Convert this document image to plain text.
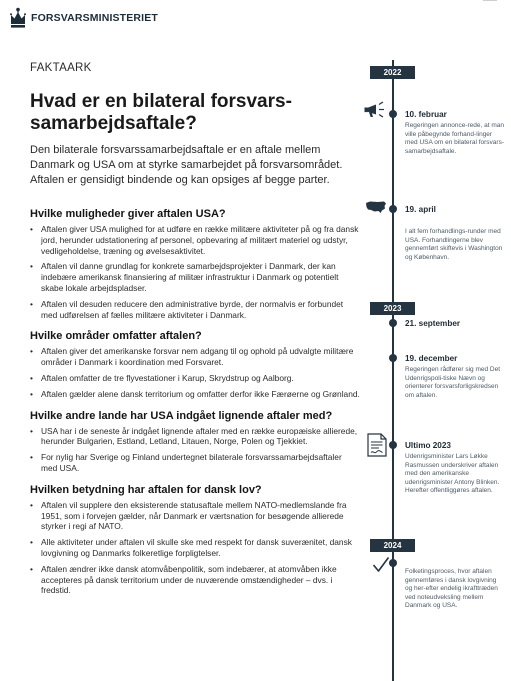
FORSVARSMINISTERIET
FAKTAARK
Hvad er en bilateral forsvars-samarbejdsaftale?

Den bilaterale forsvarssamarbejdsaftale er en aftale mellem Danmark og USA om at styrke samarbejdet på forsvarsområdet. Aftalen er gensidigt bindende og kan opsiges af begge parter.

Hvilke muligheder giver aftalen USA?
• Aftalen giver USA mulighed for at udføre en række militære aktiviteter på og fra dansk jord, herunder udstationering af personel, opbevaring af militært materiel og udstyr, vedligeholdelse, træning og øvelsesaktivitet.
• Aftalen vil danne grundlag for konkrete samarbejdsprojekter i Danmark, der kan indebære amerikansk finansiering af militær infrastruktur i Danmark og potentielt skabe lokale arbejdspladser.
• Aftalen vil desuden reducere den administrative byrde, der normalvis er forbundet med udførelsen af fælles militære aktiviteter i Danmark.
Hvilke områder omfatter aftalen?
• Aftalen giver det amerikanske forsvar nem adgang til og ophold på udvalgte militære områder i Danmark i koordination med Forsvaret.
• Aftalen omfatter de tre flyvestationer i Karup, Skrydstrup og Aalborg.
• Aftalen gælder alene dansk territorium og omfatter derfor ikke Færøerne og Grønland.
Hvilke andre lande har USA indgået lignende aftaler med?
• USA har i de seneste år indgået lignende aftaler med en række europæiske allierede, herunder Bulgarien, Estland, Letland, Litauen, Norge, Polen og Tjekkiet.
• For nylig har Sverige og Finland undertegnet bilaterale forsvarssamarbejdsaftaler med USA.
Hvilken betydning har aftalen for dansk lov?
• Aftalen vil supplere den eksisterende statusaftale mellem NATO-medlemslande fra 1951, som i forvejen gælder, når Danmark er værtsnation for besøgende allierede styrker i regi af NATO.
• Alle aktiviteter under aftalen vil skulle ske med respekt for dansk suverænitet, dansk lovgivning og Danmarks folkeretlige forpligtelser.
• Aftalen ændrer ikke dansk atomvåbenpolitik, som indebærer, at atomvåben ikke accepteres på dansk territorium under de nuværende omstændigheder – dvs. i fredstid.
2022
2023
2024
10. februar
Regeringen annonce-rede, at man ville påbegynde forhand-linger med USA om en bilateral forsvars-samarbejdsaftale.
19. april
I alt fem forhandlings-runder med USA. Forhandlingerne blev gennemført skiftevis i Washington og København.
21. september
19. december
Regeringen rådfører sig med Det Udenrigspoli-tiske Nævn og orienterer forsvarsforligskredsen om aftalen.
Ultimo 2023
Udenrigsminister Lars Løkke Rasmussen underskriver aftalen med den amerikanske udenrigsminister Antony Blinken. Herefter offentliggøres aftalen.
Folketingsproces, hvor aftalen gennemføres i dansk lovgivning og her-efter endelig ikrafttræden ved noteudveksling mellem Danmark og USA.
